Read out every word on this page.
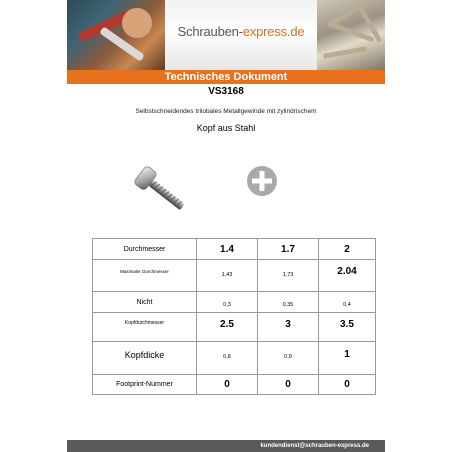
Schrauben-express.de
Technisches Dokument
VS3168
Selbstschneidendes trilobales Metallgewinde mit zylindrischem
Kopf aus Stahl
Durchmesser	1.4	1.7	2
Maximaler Durchmesser	1,43	1,73	2.04
Nicht	0,3	0,35	0,4
Kopfdurchmesser	2.5	3	3.5
Kopfdicke	0,8	0,9	1
Footprint-Nummer	0	0	0
kundendienst@schrauben-express.de
